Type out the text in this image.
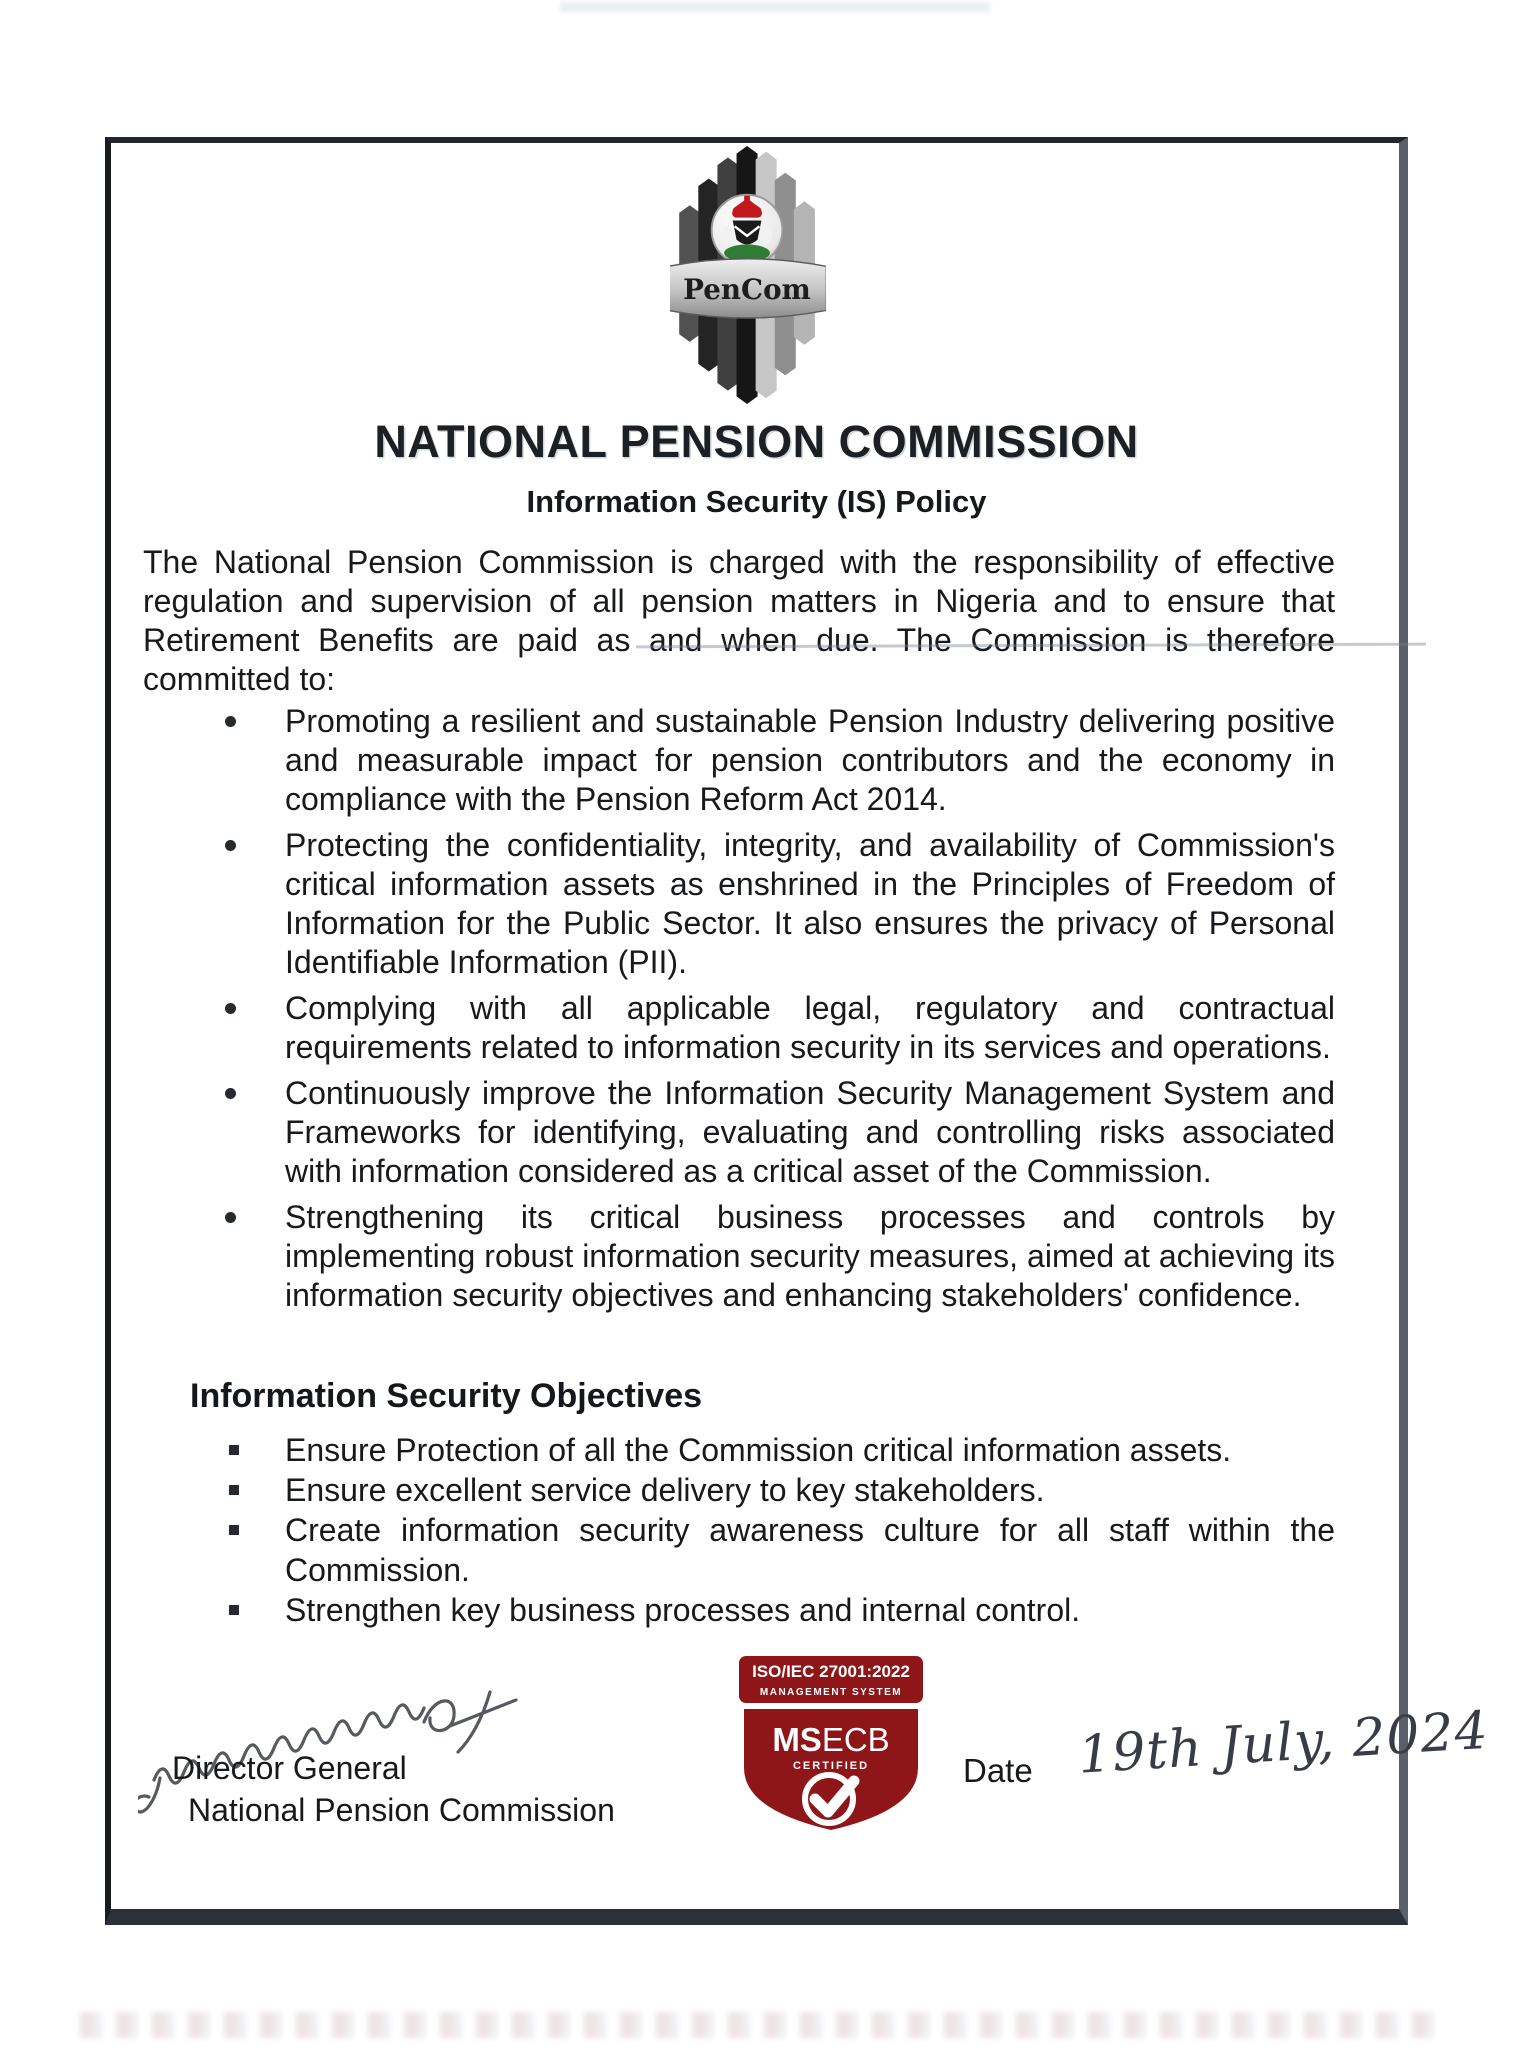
PenCom
NATIONAL PENSION COMMISSION
Information Security (IS) Policy

The National Pension Commission is charged with the responsibility of effective regulation and supervision of all pension matters in Nigeria and to ensure that Retirement Benefits are paid as and when due. The Commission is therefore committed to:

Promoting a resilient and sustainable Pension Industry delivering positive and measurable impact for pension contributors and the economy in compliance with the Pension Reform Act 2014.
Protecting the confidentiality, integrity, and availability of Commission's critical information assets as enshrined in the Principles of Freedom of Information for the Public Sector. It also ensures the privacy of Personal Identifiable Information (PII).
Complying with all applicable legal, regulatory and contractual requirements related to information security in its services and operations.
Continuously improve the Information Security Management System and Frameworks for identifying, evaluating and controlling risks associated with information considered as a critical asset of the Commission.
Strengthening its critical business processes and controls by implementing robust information security measures, aimed at achieving its information security objectives and enhancing stakeholders' confidence.
Information Security Objectives
Ensure Protection of all the Commission critical information assets.
Ensure excellent service delivery to key stakeholders.
Create information security awareness culture for all staff within the Commission.
Strengthen key business processes and internal control.
Director General
National Pension Commission
ISO/IEC 27001:2022
MANAGEMENT SYSTEM
MSECB
CERTIFIED	Date 19th July, 2024
